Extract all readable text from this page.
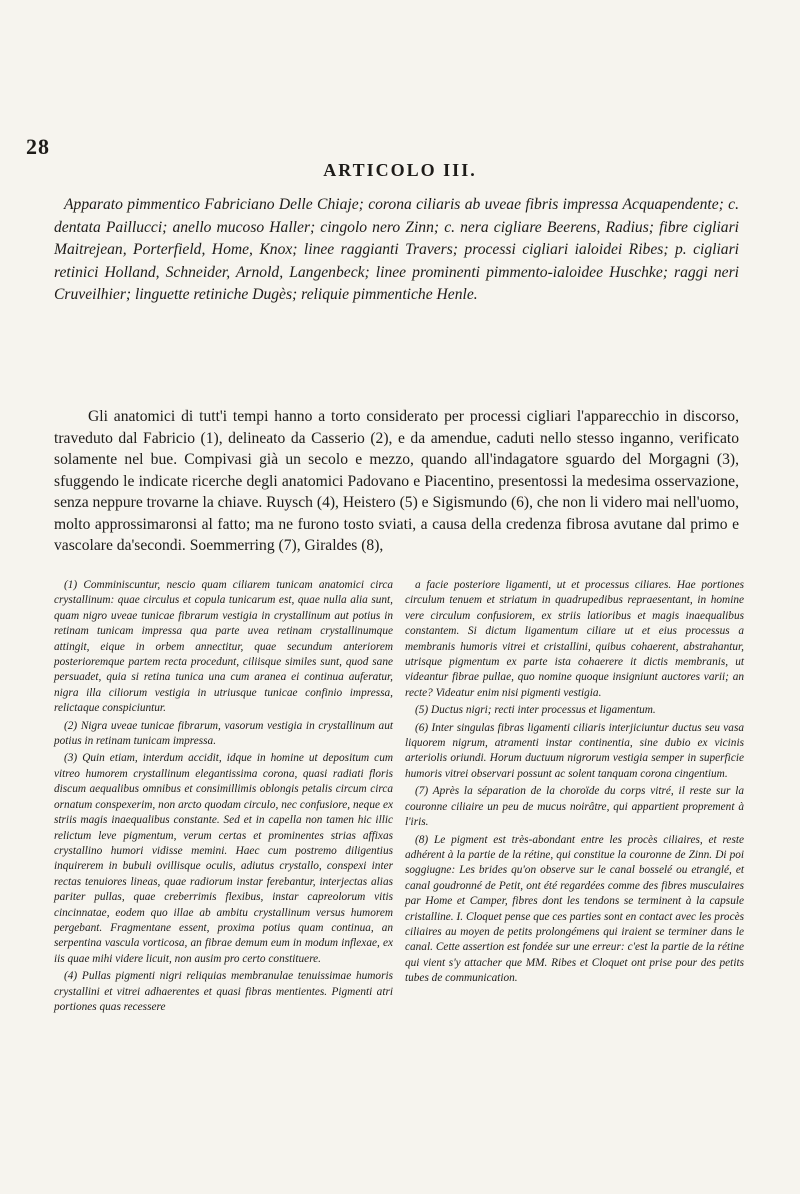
28
ARTICOLO III.
Apparato pimmentico Fabriciano Delle Chiaje; corona ciliaris ab uveae fibris impressa Acquapendente; c. dentata Paillucci; anello mucoso Haller; cingolo nero Zinn; c. nera cigliare Beerens, Radius; fibre cigliari Maitrejean, Porterfield, Home, Knox; linee raggianti Travers; processi cigliari ialoidei Ribes; p. cigliari retinici Holland, Schneider, Arnold, Langenbeck; linee prominenti pimmento-ialoidee Huschke; raggi neri Cruveilhier; linguette retiniche Dugès; reliquie pimmentiche Henle.

Gli anatomici di tutt'i tempi hanno a torto considerato per processi cigliari l'apparecchio in discorso, traveduto dal Fabricio (1), delineato da Casserio (2), e da amendue, caduti nello stesso inganno, verificato solamente nel bue. Compivasi già un secolo e mezzo, quando all'indagatore sguardo del Morgagni (3), sfuggendo le indicate ricerche degli anatomici Padovano e Piacentino, presentossi la medesima osservazione, senza neppure trovarne la chiave. Ruysch (4), Heistero (5) e Sigismundo (6), che non li videro mai nell'uomo, molto approssimaronsi al fatto; ma ne furono tosto sviati, a causa della credenza fibrosa avutane dal primo e vascolare da'secondi. Soemmerring (7), Giraldes (8),

(1) Comminiscuntur, nescio quam ciliarem tunicam anatomici circa crystallinum: quae circulus et copula tunicarum est, quae nulla alia sunt, quam nigro uveae tunicae fibrarum vestigia in crystallinum aut potius in retinam tunicam impressa qua parte uvea retinam crystallinumque attingit, eique in orbem annectitur, quae secundum anteriorem posterioremque partem recta procedunt, ciliisque similes sunt, quod sane persuadet, quia si retina tunica una cum aranea ei continua auferatur, nigra illa ciliorum vestigia in utriusque tunicae confinio impressa, relictaque conspiciuntur.

(2) Nigra uveae tunicae fibrarum, vasorum vestigia in crystallinum aut potius in retinam tunicam impressa.

(3) Quin etiam, interdum accidit, idque in homine ut depositum cum vitreo humorem crystallinum elegantissima corona, quasi radiati floris discum aequalibus omnibus et consimillimis oblongis petalis circum circa ornatum conspexerim, non arcto quodam circulo, nec confusiore, neque ex striis magis inaequalibus constante. Sed et in capella non tamen hic illic relictum leve pigmentum, verum certas et prominentes strias affixas crystallino humori vidisse memini. Haec cum postremo diligentius inquirerem in bubuli ovillisque oculis, adiutus crystallo, conspexi inter rectas tenuiores lineas, quae radiorum instar ferebantur, interjectas alias pariter pullas, quae creberrimis flexibus, instar capreolorum vitis cincinnatae, eodem quo illae ab ambitu crystallinum versus humorem pergebant. Fragmentane essent, proxima potius quam continua, an serpentina vascula vorticosa, an fibrae demum eum in modum inflexae, ex iis quae mihi videre licuit, non ausim pro certo constituere.

(4) Pullas pigmenti nigri reliquias membranulae tenuissimae humoris crystallini et vitrei adhaerentes et quasi fibras mentientes. Pigmenti atri portiones quas recessere

a facie posteriore ligamenti, ut et processus ciliares. Hae portiones circulum tenuem et striatum in quadrupedibus repraesentant, in homine vere circulum confusiorem, ex striis latioribus et magis inaequalibus constantem. Si dictum ligamentum ciliare ut et eius processus a membranis humoris vitrei et cristallini, quibus cohaerent, abstrahantur, utrisque pigmentum ex parte ista cohaerere it dictis membranis, ut videantur fibrae pullae, quo nomine quoque insigniunt auctores varii; an recte? Videatur enim nisi pigmenti vestigia.

(5) Ductus nigri; recti inter processus et ligamentum.

(6) Inter singulas fibras ligamenti ciliaris interjiciuntur ductus seu vasa liquorem nigrum, atramenti instar continentia, sine dubio ex vicinis arteriolis oriundi. Horum ductuum nigrorum vestigia semper in superficie humoris vitrei observari possunt ac solent tanquam corona cingentium.

(7) Après la séparation de la choroïde du corps vitré, il reste sur la couronne ciliaire un peu de mucus noirâtre, qui appartient proprement à l'iris.

(8) Le pigment est très-abondant entre les procès ciliaires, et reste adhérent à la partie de la rétine, qui constitue la couronne de Zinn. Di poi soggiugne: Les brides qu'on observe sur le canal bosselé ou etranglé, et canal goudronné de Petit, ont été regardées comme des fibres musculaires par Home et Camper, fibres dont les tendons se terminent à la capsule cristalline. I. Cloquet pense que ces parties sont en contact avec les procès ciliaires au moyen de petits prolongémens qui iraient se terminer dans le canal. Cette assertion est fondée sur une erreur: c'est la partie de la rétine qui vient s'y attacher que MM. Ribes et Cloquet ont prise pour des petits tubes de communication.
